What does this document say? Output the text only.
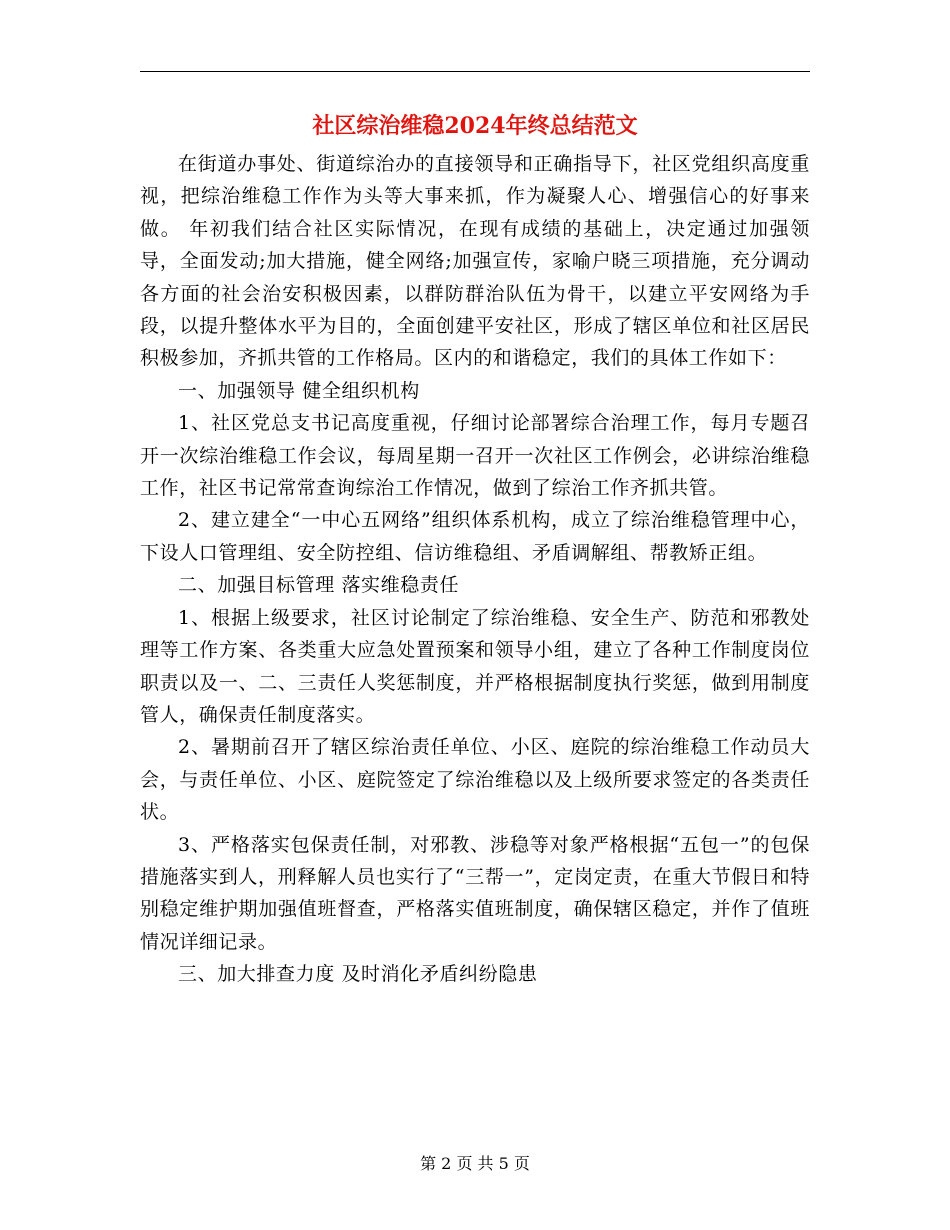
社区综治维稳2024年终总结范文

在街道办事处、街道综治办的直接领导和正确指导下，社区党组织高度重视，把综治维稳工作作为头等大事来抓，作为凝聚人心、增强信心的好事来做。 年初我们结合社区实际情况，在现有成绩的基础上，决定通过加强领导，全面发动;加大措施，健全网络;加强宣传，家喻户晓三项措施，充分调动各方面的社会治安积极因素，以群防群治队伍为骨干，以建立平安网络为手段，以提升整体水平为目的，全面创建平安社区，形成了辖区单位和社区居民积极参加，齐抓共管的工作格局。区内的和谐稳定，我们的具体工作如下：

一、加强领导 健全组织机构

1、社区党总支书记高度重视，仔细讨论部署综合治理工作，每月专题召开一次综治维稳工作会议，每周星期一召开一次社区工作例会，必讲综治维稳工作，社区书记常常查询综治工作情况，做到了综治工作齐抓共管。

2、建立建全“一中心五网络”组织体系机构，成立了综治维稳管理中心，下设人口管理组、安全防控组、信访维稳组、矛盾调解组、帮教矫正组。

二、加强目标管理 落实维稳责任

1、根据上级要求，社区讨论制定了综治维稳、安全生产、防范和邪教处理等工作方案、各类重大应急处置预案和领导小组，建立了各种工作制度岗位职责以及一、二、三责任人奖惩制度，并严格根据制度执行奖惩，做到用制度管人，确保责任制度落实。

2、暑期前召开了辖区综治责任单位、小区、庭院的综治维稳工作动员大会，与责任单位、小区、庭院签定了综治维稳以及上级所要求签定的各类责任状。

3、严格落实包保责任制，对邪教、涉稳等对象严格根据“五包一”的包保措施落实到人，刑释解人员也实行了“三帮一”，定岗定责，在重大节假日和特别稳定维护期加强值班督查，严格落实值班制度，确保辖区稳定，并作了值班情况详细记录。

三、加大排查力度 及时消化矛盾纠纷隐患

第 2 页 共 5 页
